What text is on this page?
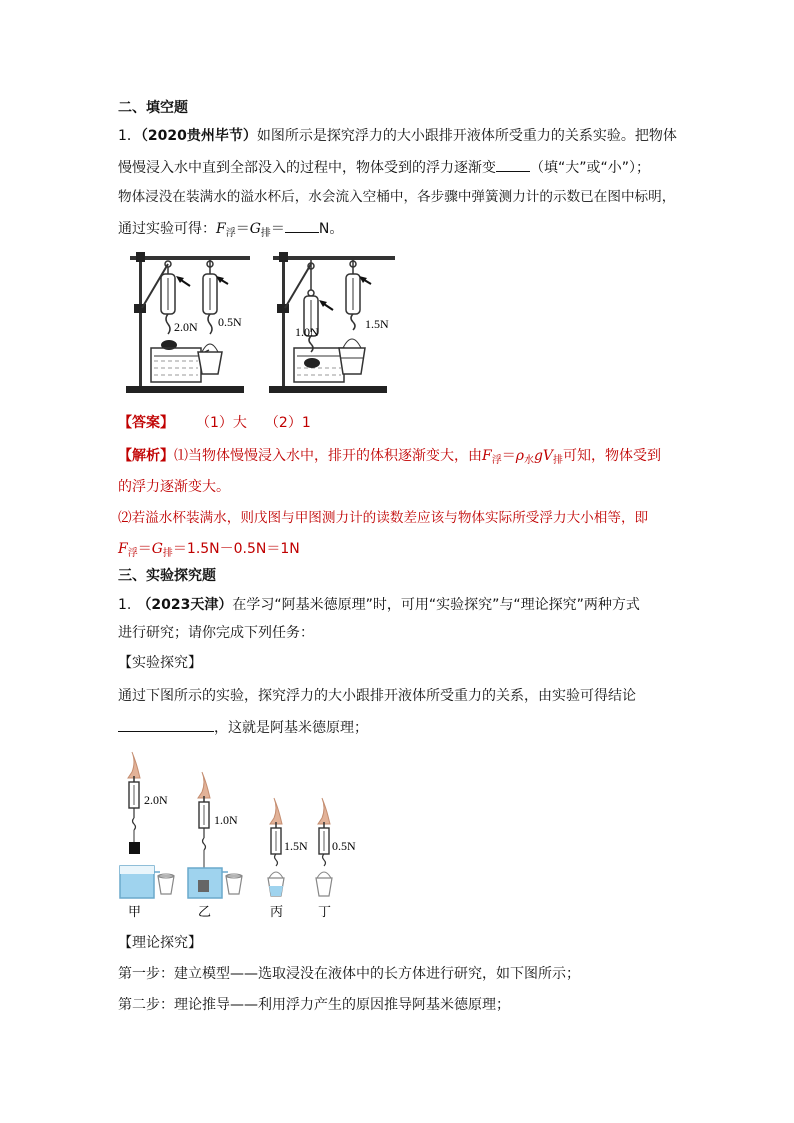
二、填空题
1．（2020贵州毕节）如图所示是探究浮力的大小跟排开液体所受重力的关系实验。把物体
慢慢浸入水中直到全部没入的过程中，物体受到的浮力逐渐变 （填“大”或“小”）；
物体浸没在装满水的溢水杯后，水会流入空桶中，各步骤中弹簧测力计的示数已在图中标明，
通过实验可得：$F_浮=G_排= N$。
2.0N 0.5N
1.0N
1.5N
【答案】 （1）大 （2）1
【解析】⑴当物体慢慢浸入水中，排开的体积逐渐变大，由$F_浮=\rho_水gV_排$可知，物体受到
的浮力逐渐变大。
⑵若溢水杯装满水，则戊图与甲图测力计的读数差应该与物体实际所受浮力大小相等，即
$F_浮=G_排=1.5N-0.5N=1N$
三、实验探究题
1. （2023天津）在学习“阿基米德原理”时，可用“实验探究”与“理论探究”两种方式
进行研究；请你完成下列任务：
【实验探究】
通过下图所示的实验，探究浮力的大小跟排开液体所受重力的关系，由实验可得结论
，这就是阿基米德原理；
2.0N
甲
1.0N
乙
1.5N
丙
0.5N
丁
【理论探究】
第一步：建立模型——选取浸没在液体中的长方体进行研究，如下图所示；
第二步：理论推导——利用浮力产生的原因推导阿基米德原理；
